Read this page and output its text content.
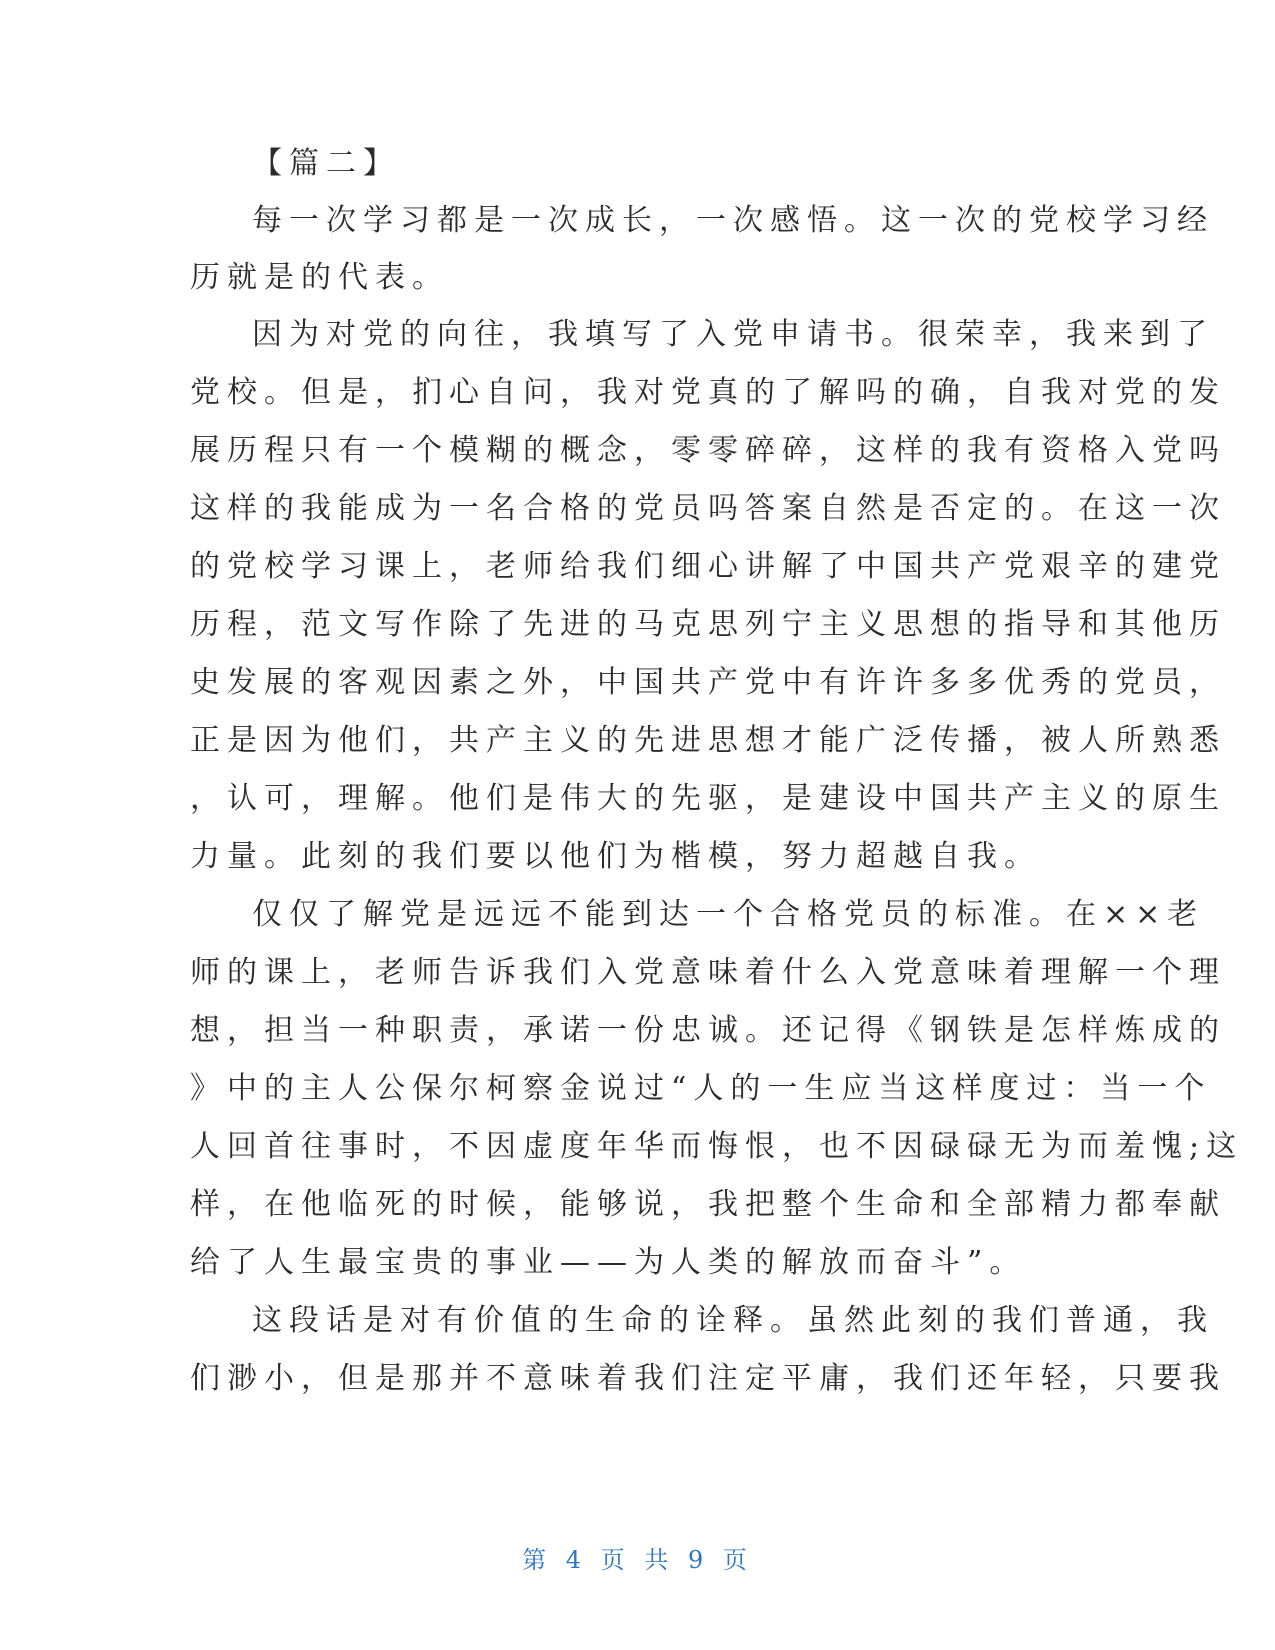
【篇二】
每一次学习都是一次成长，一次感悟。这一次的党校学习经
历就是的代表。
因为对党的向往，我填写了入党申请书。很荣幸，我来到了
党校。但是，扪心自问，我对党真的了解吗的确，自我对党的发
展历程只有一个模糊的概念，零零碎碎，这样的我有资格入党吗
这样的我能成为一名合格的党员吗答案自然是否定的。在这一次
的党校学习课上，老师给我们细心讲解了中国共产党艰辛的建党
历程，范文写作除了先进的马克思列宁主义思想的指导和其他历
史发展的客观因素之外，中国共产党中有许许多多优秀的党员，
正是因为他们，共产主义的先进思想才能广泛传播，被人所熟悉
，认可，理解。他们是伟大的先驱，是建设中国共产主义的原生
力量。此刻的我们要以他们为楷模，努力超越自我。
仅仅了解党是远远不能到达一个合格党员的标准。在××老
师的课上，老师告诉我们入党意味着什么入党意味着理解一个理
想，担当一种职责，承诺一份忠诚。还记得《钢铁是怎样炼成的
》中的主人公保尔柯察金说过“人的一生应当这样度过：当一个
人回首往事时，不因虚度年华而悔恨，也不因碌碌无为而羞愧;这
样，在他临死的时候，能够说，我把整个生命和全部精力都奉献
给了人生最宝贵的事业——为人类的解放而奋斗”。
这段话是对有价值的生命的诠释。虽然此刻的我们普通，我
们渺小，但是那并不意味着我们注定平庸，我们还年轻，只要我
第 4 页 共 9 页
